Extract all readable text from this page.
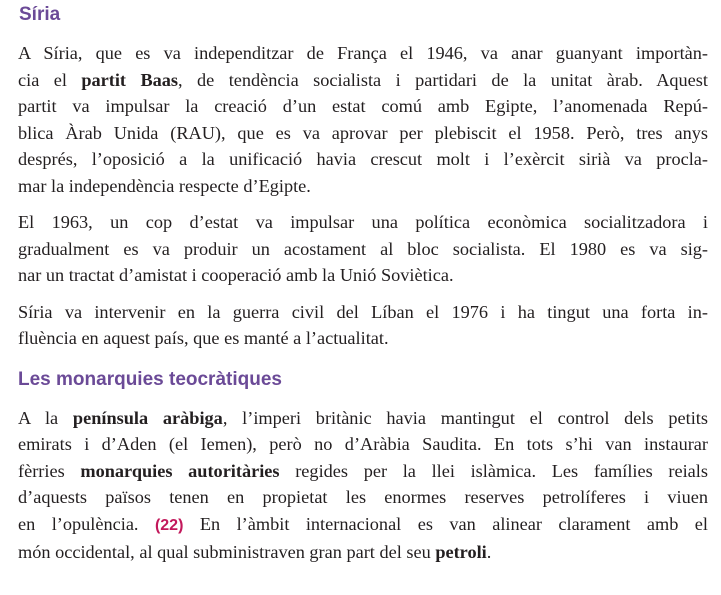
Síria

A Síria, que es va independitzar de França el 1946, va anar guanyant importàn-
cia el partit Baas, de tendència socialista i partidari de la unitat àrab. Aquest
partit va impulsar la creació d’un estat comú amb Egipte, l’anomenada Repú-
blica Àrab Unida (RAU), que es va aprovar per plebiscit el 1958. Però, tres anys
després, l’oposició a la unificació havia crescut molt i l’exèrcit sirià va procla-
mar la independència respecte d’Egipte.

El 1963, un cop d’estat va impulsar una política econòmica socialitzadora i
gradualment es va produir un acostament al bloc socialista. El 1980 es va sig-
nar un tractat d’amistat i cooperació amb la Unió Soviètica.

Síria va intervenir en la guerra civil del Líban el 1976 i ha tingut una forta in-
fluència en aquest país, que es manté a l’actualitat.

Les monarquies teocràtiques

A la península aràbiga, l’imperi britànic havia mantingut el control dels petits
emirats i d’Aden (el Iemen), però no d’Aràbia Saudita. En tots s’hi van instaurar
fèrries monarquies autoritàries regides per la llei islàmica. Les famílies reials
d’aquests països tenen en propietat les enormes reserves petrolíferes i viuen
en l’opulència. (22) En l’àmbit internacional es van alinear clarament amb el
món occidental, al qual subministraven gran part del seu petroli.
